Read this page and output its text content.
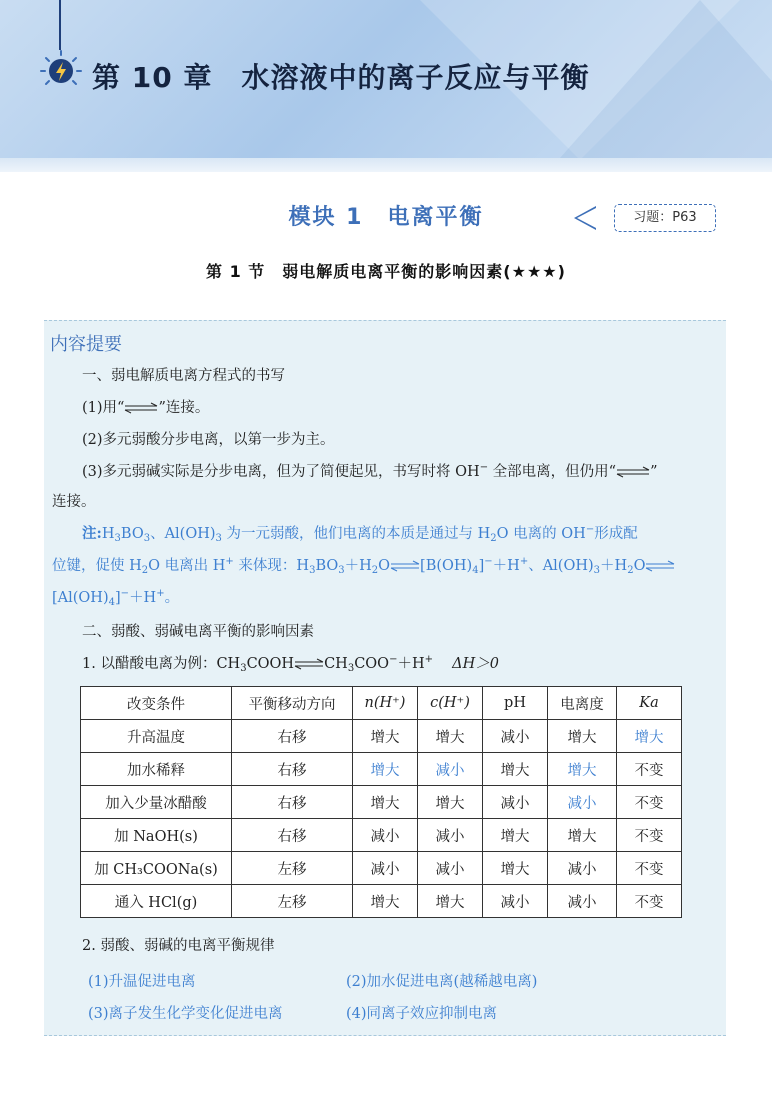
第 10 章　水溶液中的离子反应与平衡
模块 1　电离平衡	习题：P63
第 1 节　弱电解质电离平衡的影响因素(★★★)
内容提要
一、弱电解质电离方程式的书写
(1)用“⇌”连接。
(2)多元弱酸分步电离，以第一步为主。
(3)多元弱碱实际是分步电离，但为了简便起见，书写时将 OH− 全部电离，但仍用“⇌”
连接。
注$:H_3BO_3$、$Al(OH)_3$ 为一元弱酸，他们电离的本质是通过与 $H_2O$ 电离的 OH−形成配
位键，促使 $H_2O$ 电离出 H+ 来体现：$H_3BO_3+H_2O\rightleftharpoons[B(OH)_4]^-+H^+$、$Al(OH)_3+H_2O\rightleftharpoons$
$[Al(OH)_4]^-+H^+$。
二、弱酸、弱碱电离平衡的影响因素
1. 以醋酸电离为例：$CH_3COOH\rightleftharpoons CH_3COO^-+H^+$　 ΔH＞0
改变条件	平衡移动方向	n(H⁺)	c(H⁺)	pH	电离度	Ka
升高温度	右移	增大	增大	减小	增大	增大
加水稀释	右移	增大	减小	增大	增大	不变
加入少量冰醋酸	右移	增大	增大	减小	减小	不变
加 NaOH(s)	右移	减小	减小	增大	增大	不变
加 CH₃COONa(s)	左移	减小	减小	增大	减小	不变
通入 HCl(g)	左移	增大	增大	减小	减小	不变
2. 弱酸、弱碱的电离平衡规律
(1)升温促进电离	(2)加水促进电离(越稀越电离)
(3)离子发生化学变化促进电离	(4)同离子效应抑制电离
